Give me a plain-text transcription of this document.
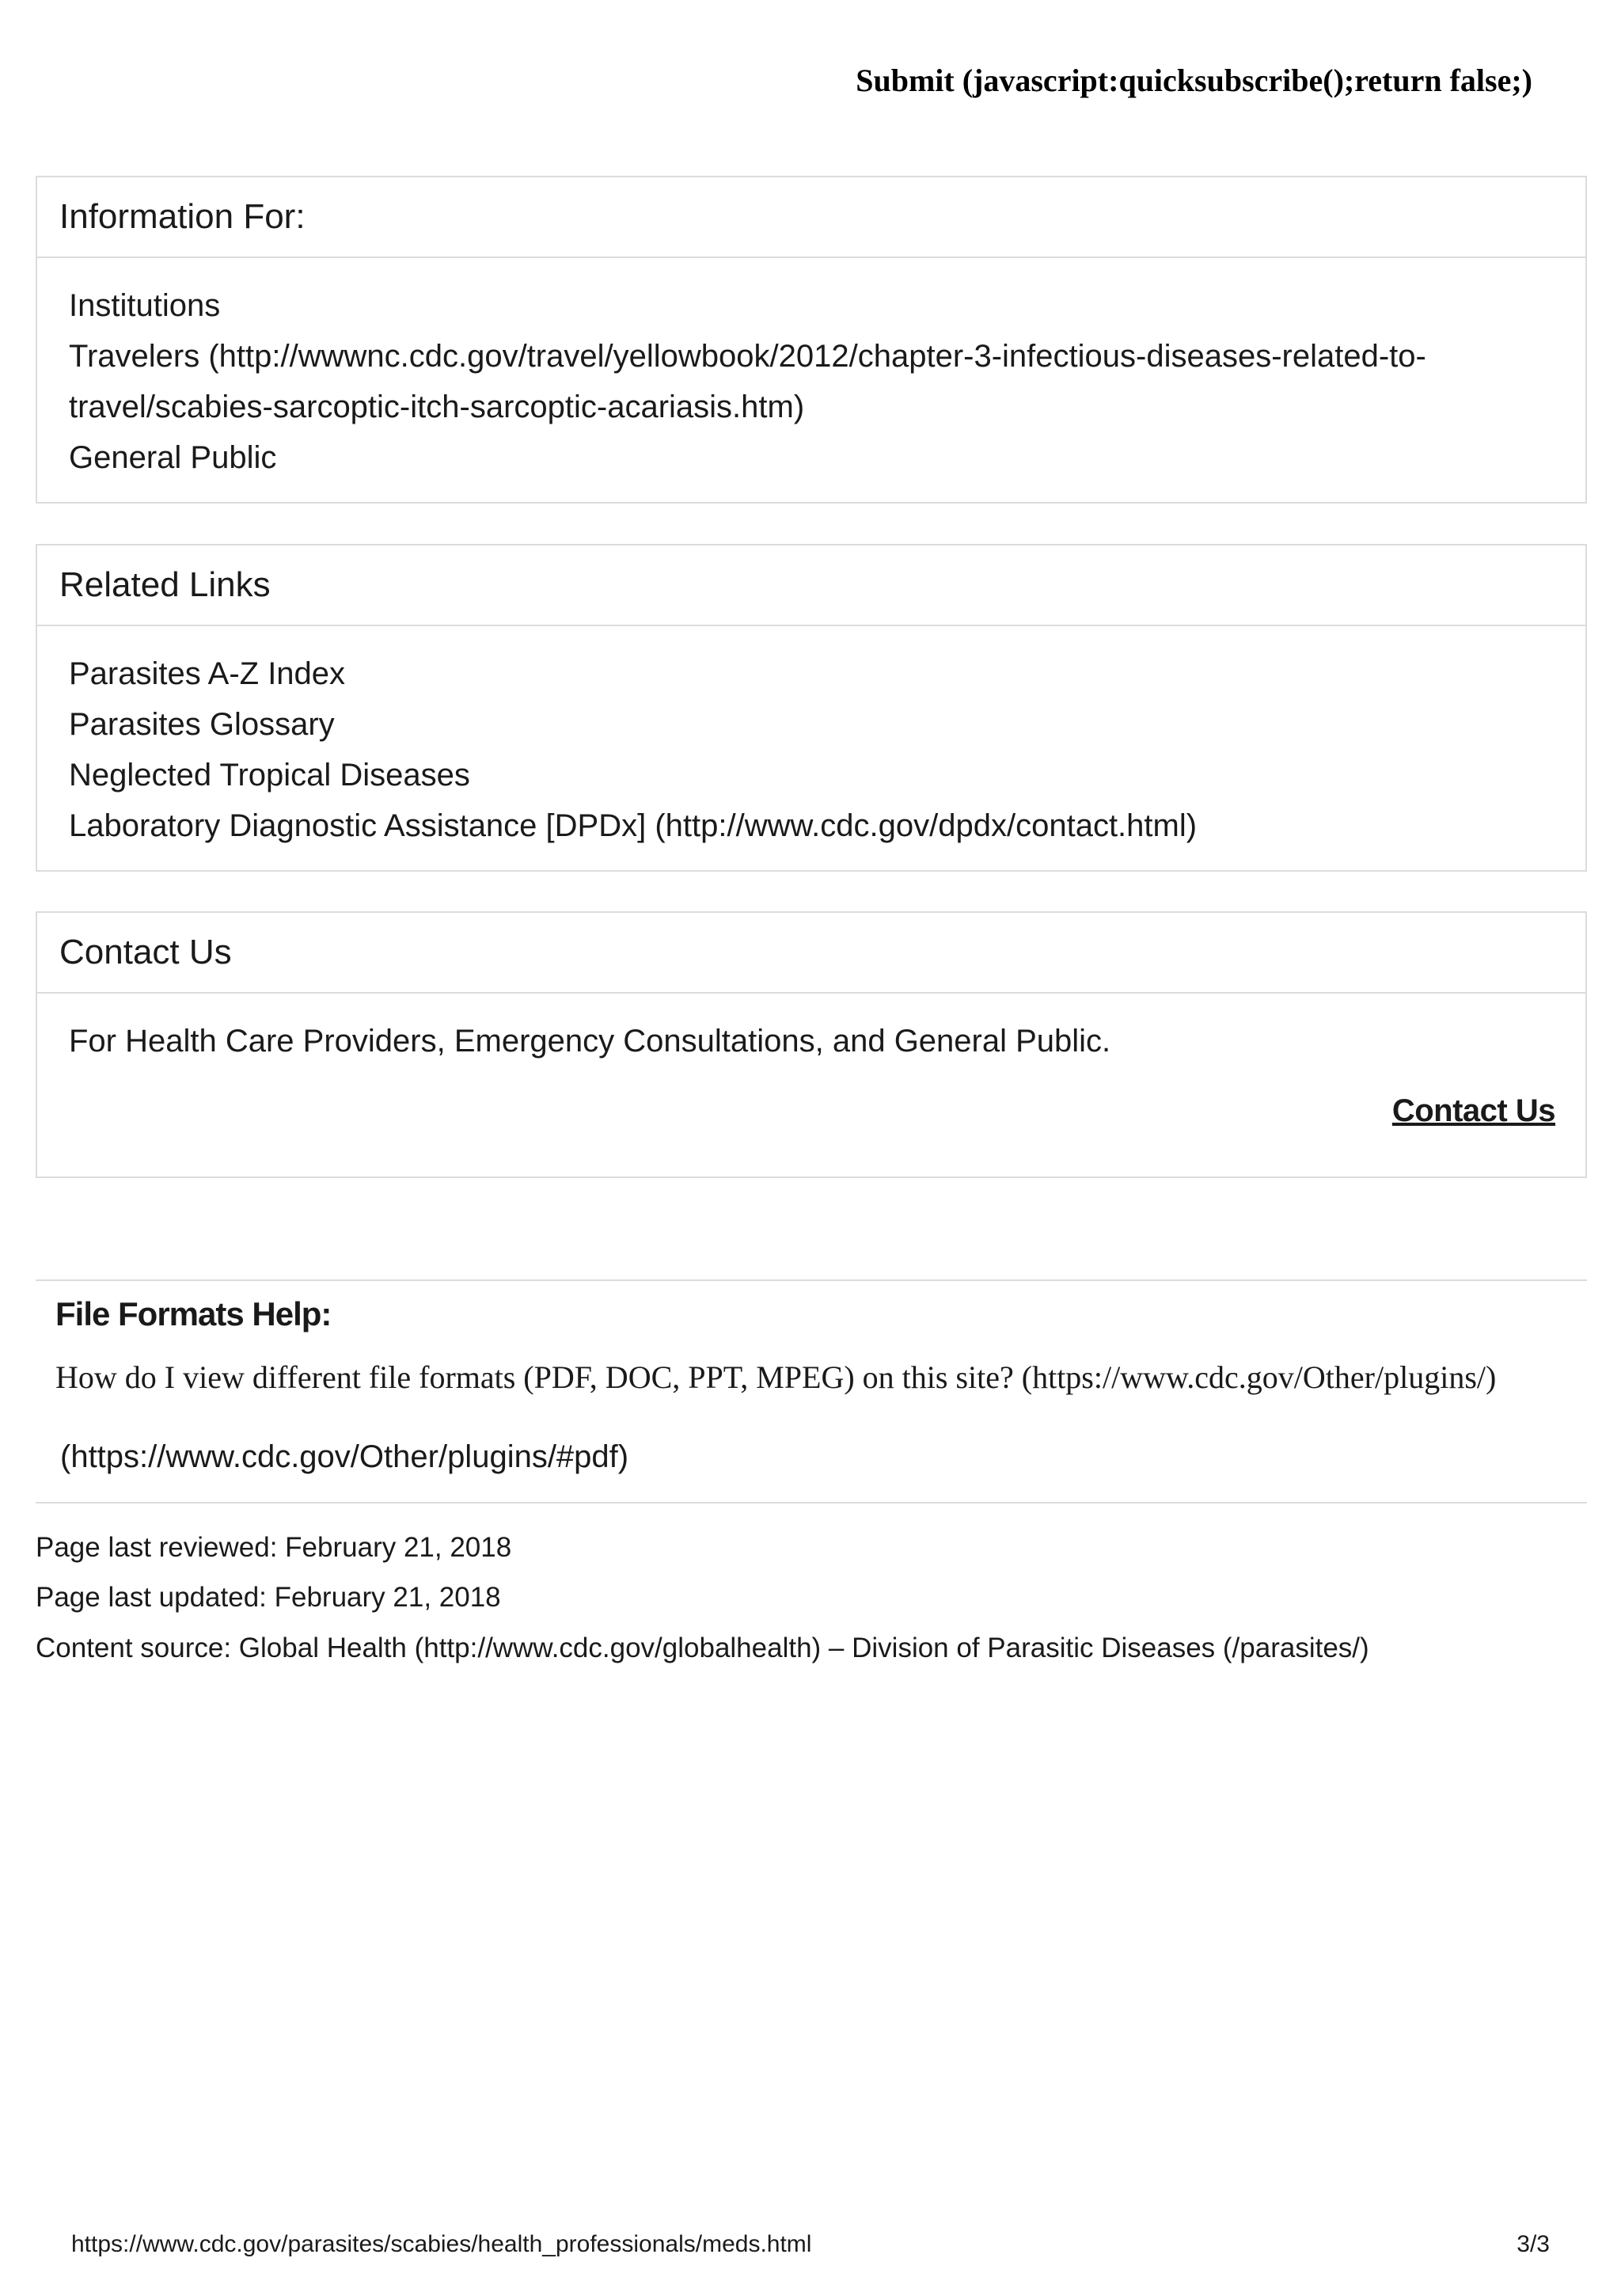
Submit (javascript:quicksubscribe();return false;)
Information For:
Institutions
Travelers (http://wwwnc.cdc.gov/travel/yellowbook/2012/chapter-3-infectious-diseases-related-to-
travel/scabies-sarcoptic-itch-sarcoptic-acariasis.htm)
General Public
Related Links
Parasites A-Z Index
Parasites Glossary
Neglected Tropical Diseases
Laboratory Diagnostic Assistance [DPDx] (http://www.cdc.gov/dpdx/contact.html)
Contact Us
For Health Care Providers, Emergency Consultations, and General Public.
Contact Us
File Formats Help:
How do I view different file formats (PDF, DOC, PPT, MPEG) on this site? (https://www.cdc.gov/Other/plugins/)
(https://www.cdc.gov/Other/plugins/#pdf)
Page last reviewed: February 21, 2018
Page last updated: February 21, 2018
Content source: Global Health (http://www.cdc.gov/globalhealth) – Division of Parasitic Diseases (/parasites/)
https://www.cdc.gov/parasites/scabies/health_professionals/meds.html	3/3
